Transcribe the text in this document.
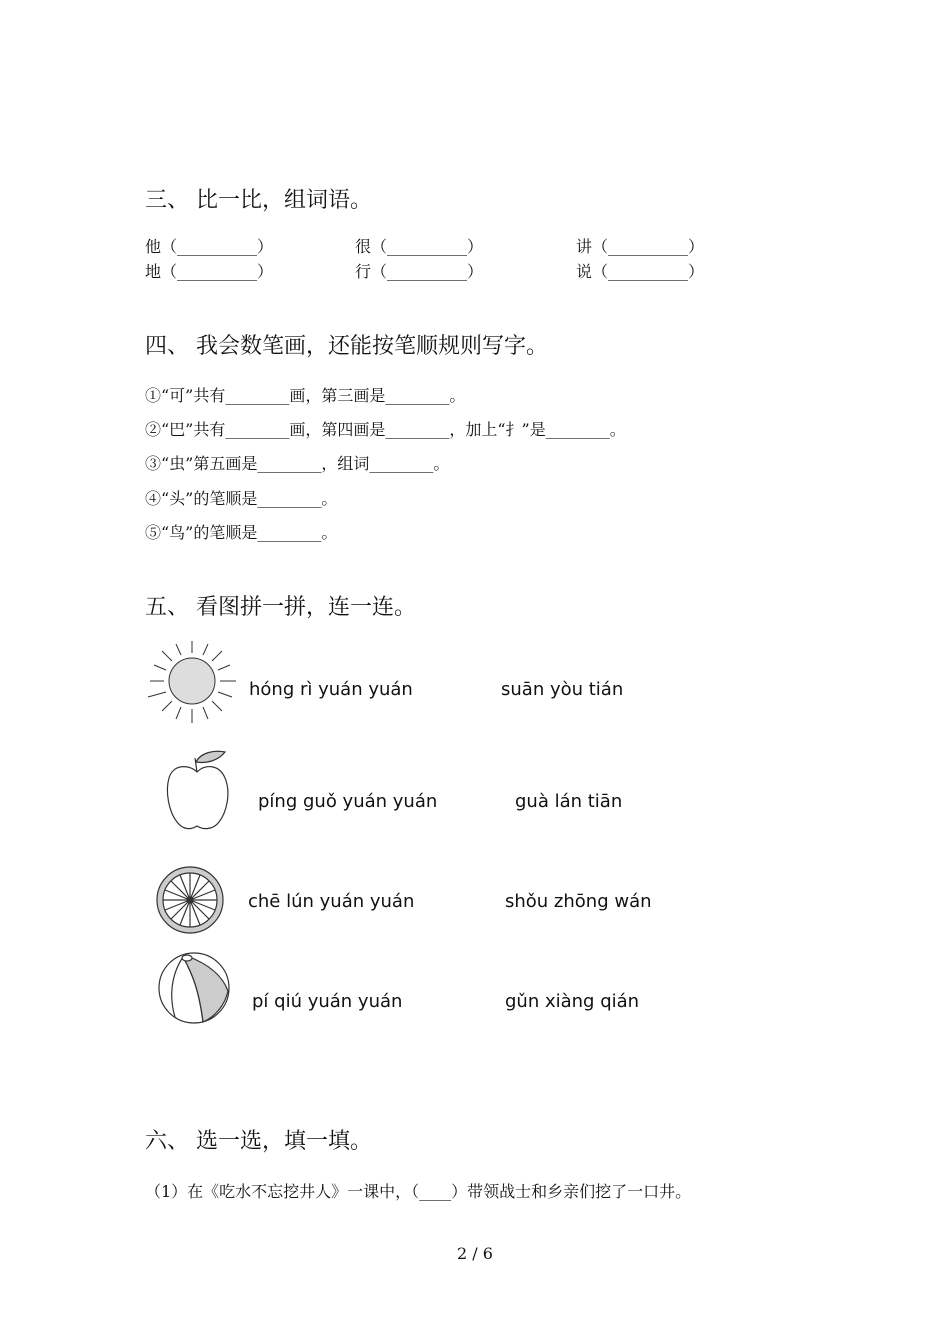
三、 比一比，组词语。
他（__________）	很（__________）	讲（__________）
地（__________）	行（__________）	说（__________）
四、 我会数笔画，还能按笔顺规则写字。
①“可”共有________画，第三画是________。
②“巴”共有________画，第四画是________，加上“扌”是________。
③“虫”第五画是________，组词________。
④“头”的笔顺是________。
⑤“鸟”的笔顺是________。
五、 看图拼一拼，连一连。
hóng rì yuán yuán	suān yòu tián
píng guǒ yuán yuán	guà lán tiān
chē lún yuán yuán	shǒu zhōng wán
pí qiú yuán yuán	gǔn xiàng qián
六、 选一选，填一填。
（1）在《吃水不忘挖井人》一课中，（____）带领战士和乡亲们挖了一口井。
2 / 6
